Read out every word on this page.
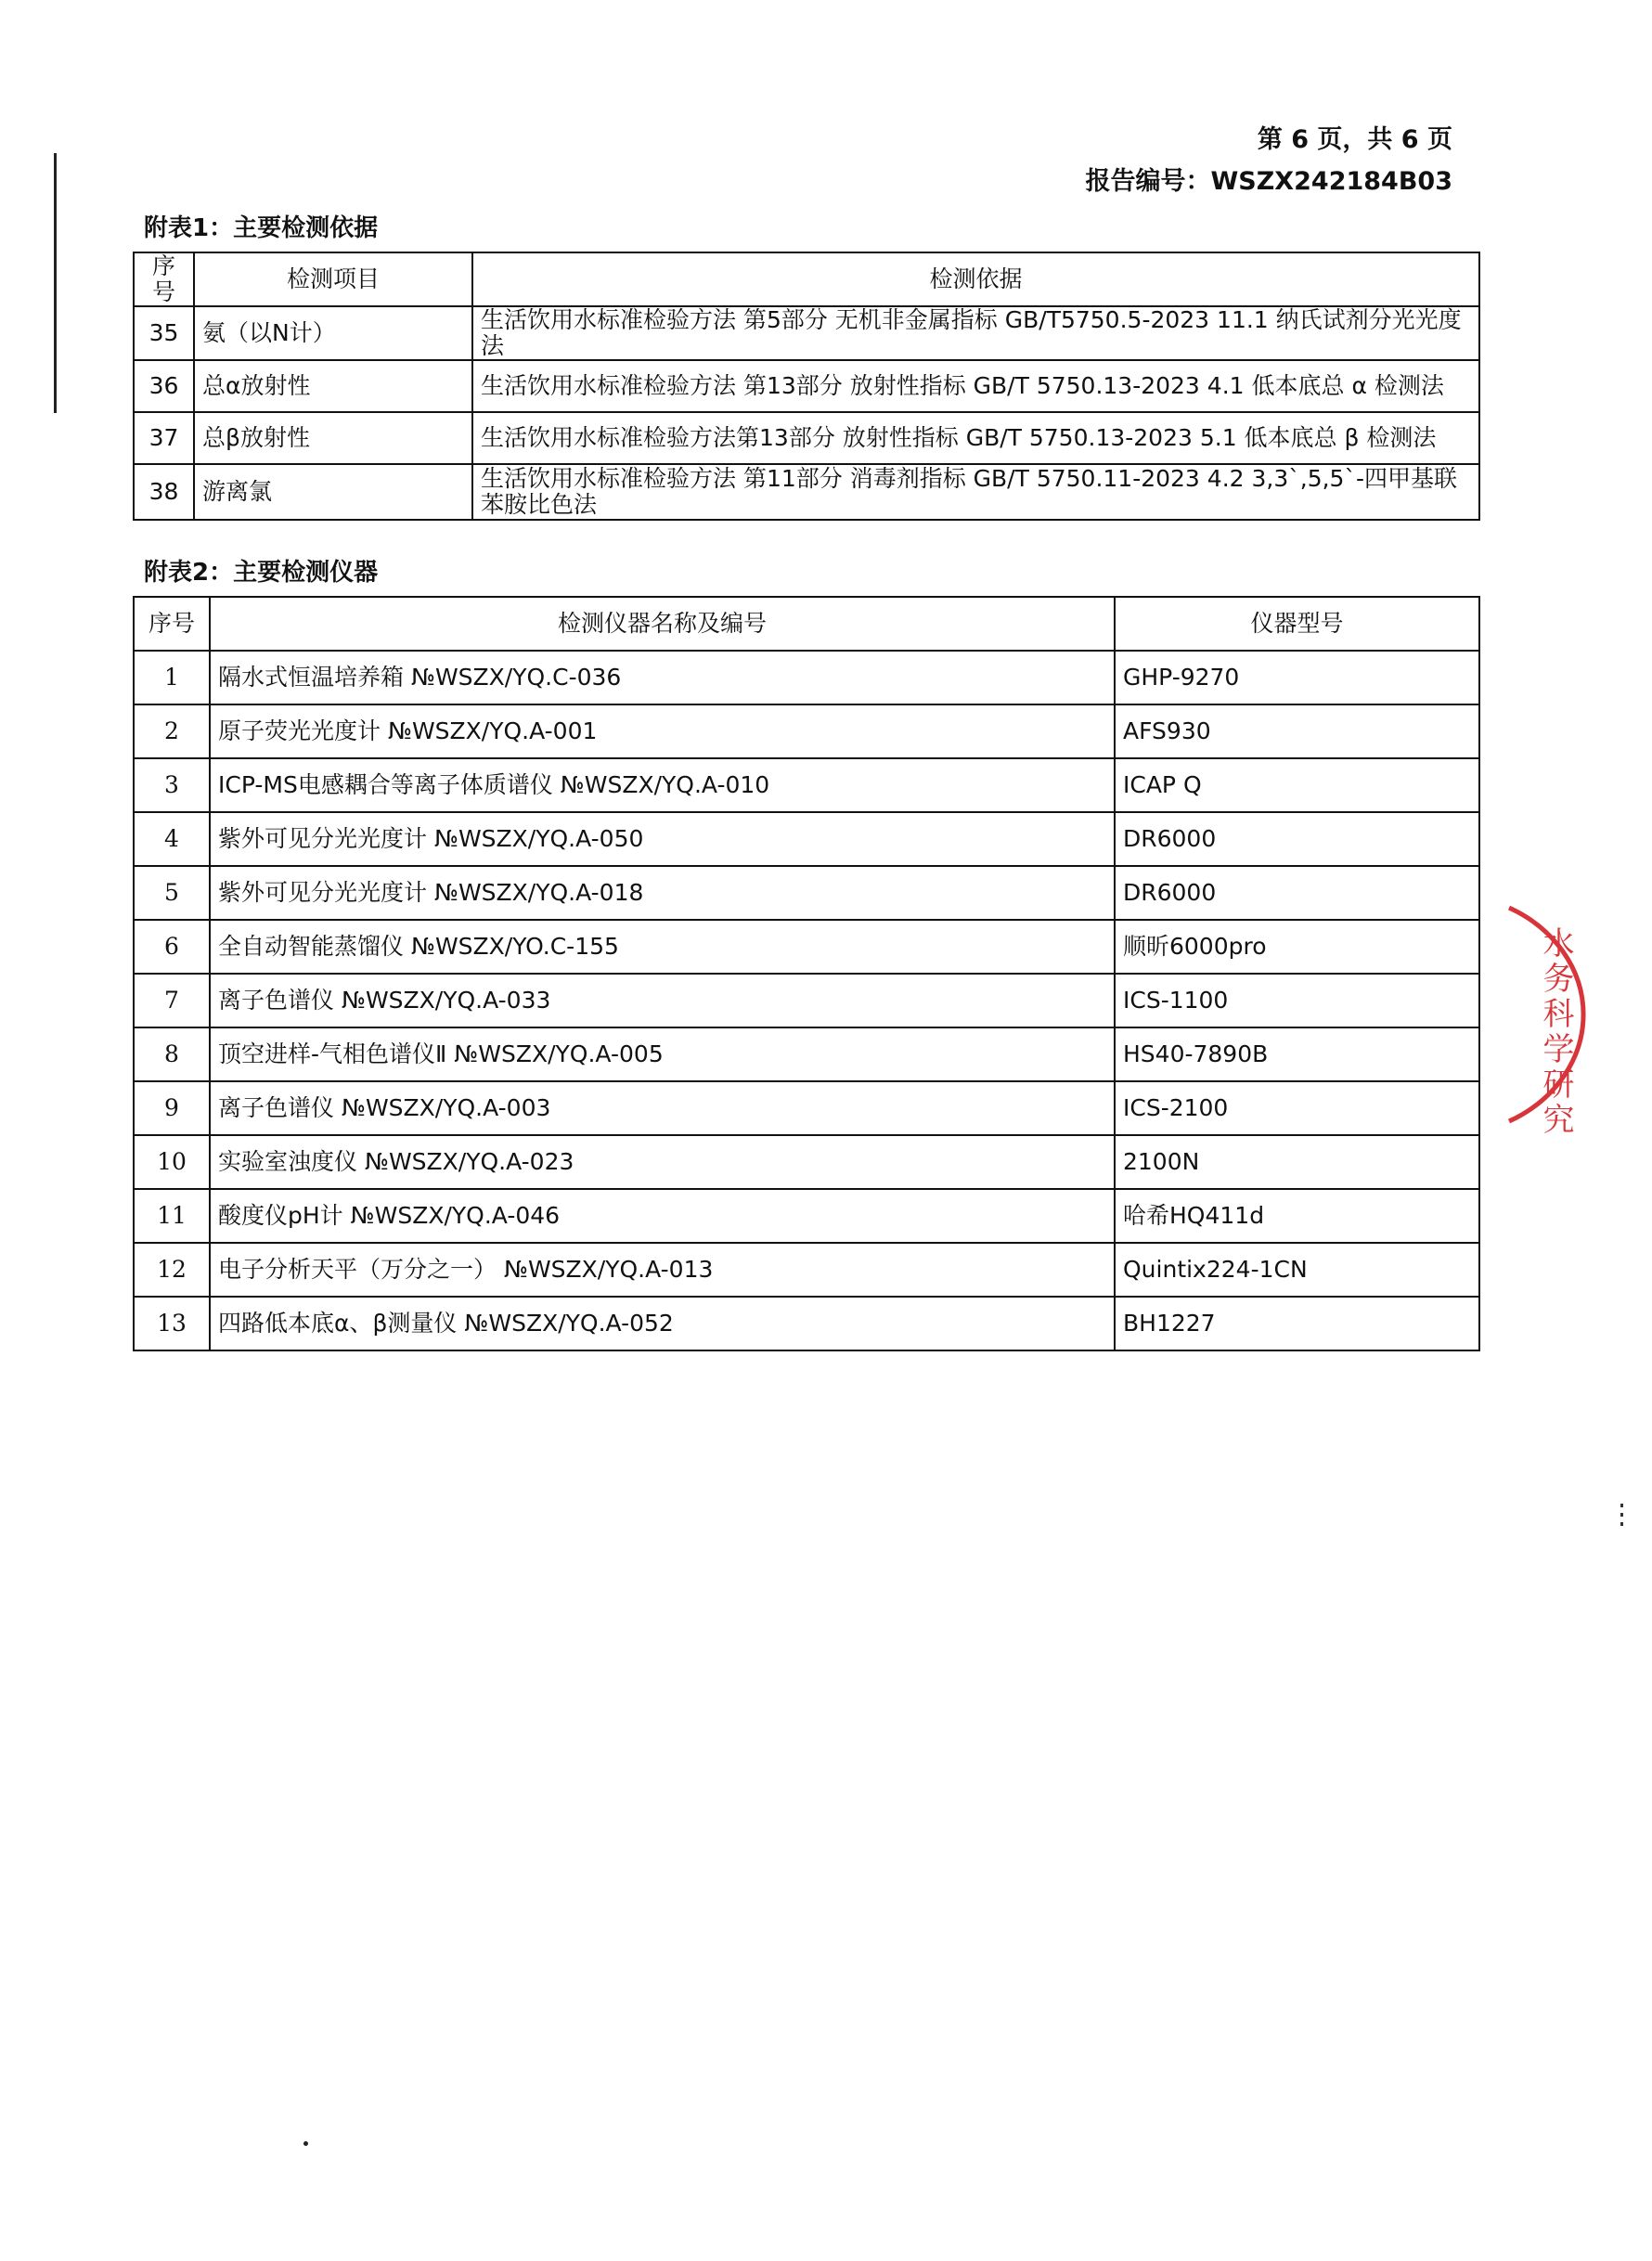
第 6 页，共 6 页
报告编号：WSZX242184B03
附表1：主要检测依据
序号	检测项目	检测依据
35	氨（以N计）	生活饮用水标准检验方法 第5部分 无机非金属指标 GB/T5750.5-2023 11.1 纳氏试剂分光光度法
36	总α放射性	生活饮用水标准检验方法 第13部分 放射性指标 GB/T 5750.13-2023 4.1 低本底总 α 检测法
37	总β放射性	生活饮用水标准检验方法第13部分 放射性指标 GB/T 5750.13-2023 5.1 低本底总 β 检测法
38	游离氯	生活饮用水标准检验方法 第11部分 消毒剂指标 GB/T 5750.11-2023 4.2 3,3`,5,5`-四甲基联苯胺比色法
附表2：主要检测仪器
序号	检测仪器名称及编号	仪器型号
1	隔水式恒温培养箱 №WSZX/YQ.C-036	GHP-9270
2	原子荧光光度计 №WSZX/YQ.A-001	AFS930
3	ICP-MS电感耦合等离子体质谱仪 №WSZX/YQ.A-010	ICAP Q
4	紫外可见分光光度计 №WSZX/YQ.A-050	DR6000
5	紫外可见分光光度计 №WSZX/YQ.A-018	DR6000
6	全自动智能蒸馏仪 №WSZX/YO.C-155	顺昕6000pro
7	离子色谱仪 №WSZX/YQ.A-033	ICS-1100
8	顶空进样-气相色谱仪Ⅱ №WSZX/YQ.A-005	HS40-7890B
9	离子色谱仪 №WSZX/YQ.A-003	ICS-2100
10	实验室浊度仪 №WSZX/YQ.A-023	2100N
11	酸度仪pH计 №WSZX/YQ.A-046	哈希HQ411d
12	电子分析天平（万分之一） №WSZX/YQ.A-013	Quintix224-1CN
13	四路低本底α、β测量仪 №WSZX/YQ.A-052	BH1227
水务科学研究
